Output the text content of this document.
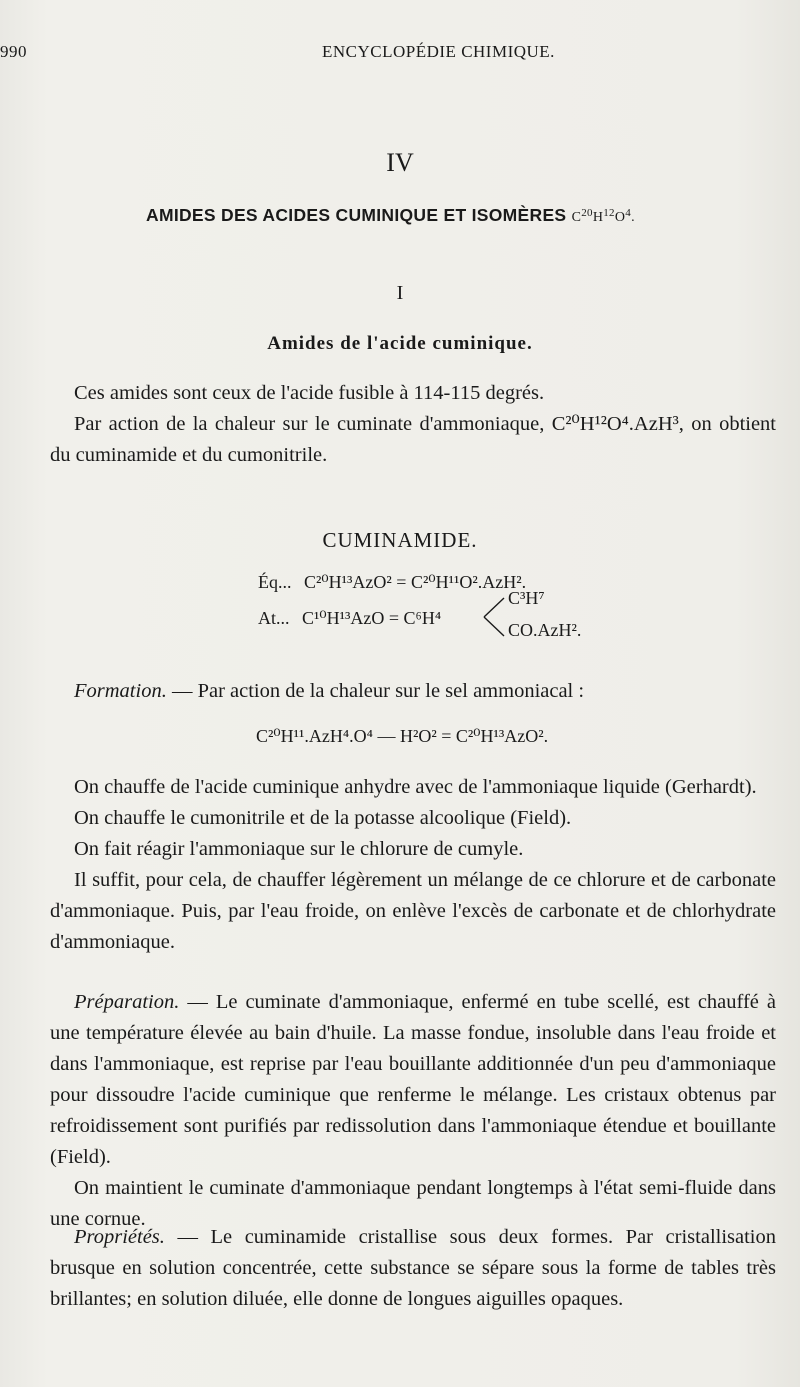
990	ENCYCLOPÉDIE CHIMIQUE.
IV
AMIDES DES ACIDES CUMINIQUE ET ISOMÈRES $C^{20}H^{12}O^4$.
I
Amides de l'acide cuminique.

Ces amides sont ceux de l'acide fusible à 114-115 degrés.

Par action de la chaleur sur le cuminate d'ammoniaque, C²⁰H¹²O⁴.AzH³, on obtient du cuminamide et du cumonitrile.

CUMINAMIDE.
Éq... C²⁰H¹³AzO² = C²⁰H¹¹O².AzH².
At... C¹⁰H¹³AzO = C⁶H⁴
C³H⁷
CO.AzH².

Formation. — Par action de la chaleur sur le sel ammoniacal :

C²⁰H¹¹.AzH⁴.O⁴ — H²O² = C²⁰H¹³AzO².

On chauffe de l'acide cuminique anhydre avec de l'ammoniaque liquide (Gerhardt).

On chauffe le cumonitrile et de la potasse alcoolique (Field).

On fait réagir l'ammoniaque sur le chlorure de cumyle.

Il suffit, pour cela, de chauffer légèrement un mélange de ce chlorure et de carbonate d'ammoniaque. Puis, par l'eau froide, on enlève l'excès de carbonate et de chlorhydrate d'ammoniaque.

Préparation. — Le cuminate d'ammoniaque, enfermé en tube scellé, est chauffé à une température élevée au bain d'huile. La masse fondue, insoluble dans l'eau froide et dans l'ammoniaque, est reprise par l'eau bouillante additionnée d'un peu d'ammoniaque pour dissoudre l'acide cuminique que renferme le mélange. Les cristaux obtenus par refroidissement sont purifiés par redissolution dans l'ammoniaque étendue et bouillante (Field).

On maintient le cuminate d'ammoniaque pendant longtemps à l'état semi-fluide dans une cornue.

Propriétés. — Le cuminamide cristallise sous deux formes. Par cristallisation brusque en solution concentrée, cette substance se sépare sous la forme de tables très brillantes; en solution diluée, elle donne de longues aiguilles opaques.
